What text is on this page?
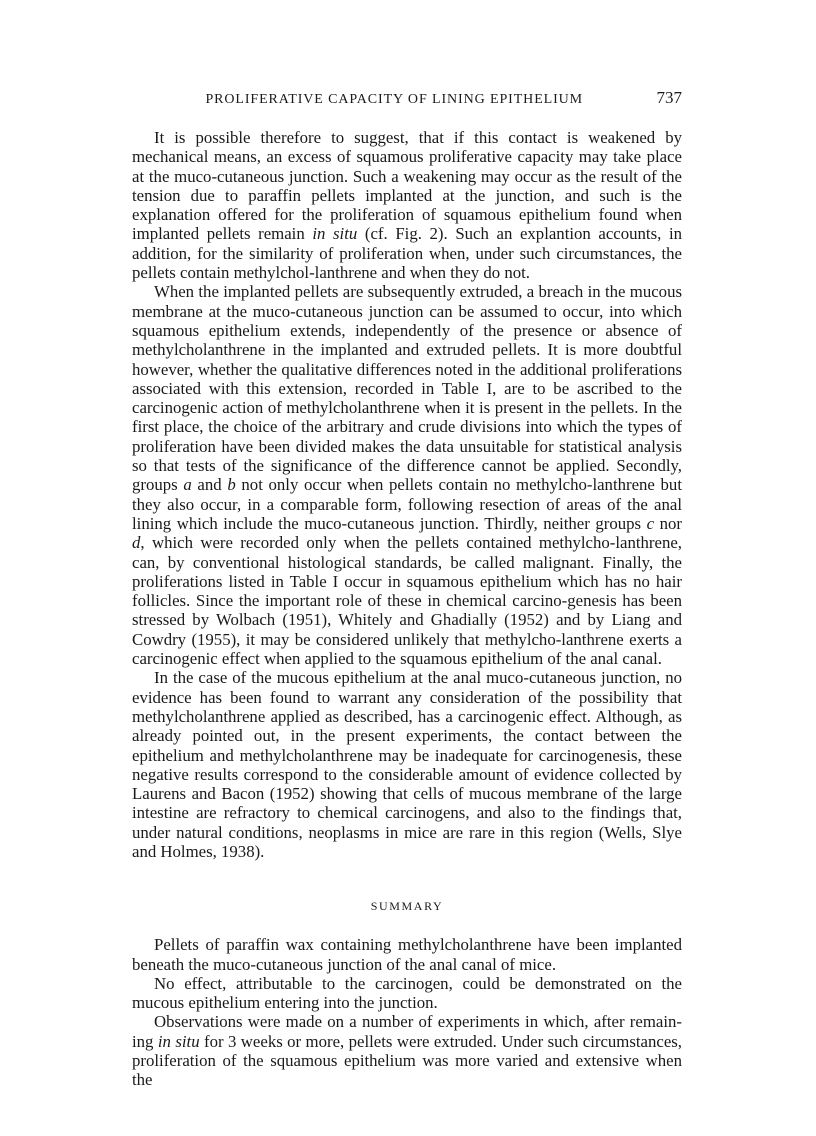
PROLIFERATIVE CAPACITY OF LINING EPITHELIUM	737

It is possible therefore to suggest, that if this contact is weakened by mechanical means, an excess of squamous proliferative capacity may take place at the muco-cutaneous junction. Such a weakening may occur as the result of the tension due to paraffin pellets implanted at the junction, and such is the explanation offered for the proliferation of squamous epithelium found when implanted pellets remain in situ (cf. Fig. 2). Such an explantion accounts, in addition, for the similarity of proliferation when, under such circumstances, the pellets contain methylchol-lanthrene and when they do not.

When the implanted pellets are subsequently extruded, a breach in the mucous membrane at the muco-cutaneous junction can be assumed to occur, into which squamous epithelium extends, independently of the presence or absence of methylcholanthrene in the implanted and extruded pellets. It is more doubtful however, whether the qualitative differences noted in the additional proliferations associated with this extension, recorded in Table I, are to be ascribed to the carcinogenic action of methylcholanthrene when it is present in the pellets. In the first place, the choice of the arbitrary and crude divisions into which the types of proliferation have been divided makes the data unsuitable for statistical analysis so that tests of the significance of the difference cannot be applied. Secondly, groups a and b not only occur when pellets contain no methylcho-lanthrene but they also occur, in a comparable form, following resection of areas of the anal lining which include the muco-cutaneous junction. Thirdly, neither groups c nor d, which were recorded only when the pellets contained methylcho-lanthrene, can, by conventional histological standards, be called malignant. Finally, the proliferations listed in Table I occur in squamous epithelium which has no hair follicles. Since the important role of these in chemical carcino-genesis has been stressed by Wolbach (1951), Whitely and Ghadially (1952) and by Liang and Cowdry (1955), it may be considered unlikely that methylcho-lanthrene exerts a carcinogenic effect when applied to the squamous epithelium of the anal canal.

In the case of the mucous epithelium at the anal muco-cutaneous junction, no evidence has been found to warrant any consideration of the possibility that methylcholanthrene applied as described, has a carcinogenic effect. Although, as already pointed out, in the present experiments, the contact between the epithelium and methylcholanthrene may be inadequate for carcinogenesis, these negative results correspond to the considerable amount of evidence collected by Laurens and Bacon (1952) showing that cells of mucous membrane of the large intestine are refractory to chemical carcinogens, and also to the findings that, under natural conditions, neoplasms in mice are rare in this region (Wells, Slye and Holmes, 1938).

SUMMARY

Pellets of paraffin wax containing methylcholanthrene have been implanted beneath the muco-cutaneous junction of the anal canal of mice.

No effect, attributable to the carcinogen, could be demonstrated on the mucous epithelium entering into the junction.

Observations were made on a number of experiments in which, after remain-ing in situ for 3 weeks or more, pellets were extruded. Under such circumstances, proliferation of the squamous epithelium was more varied and extensive when the
